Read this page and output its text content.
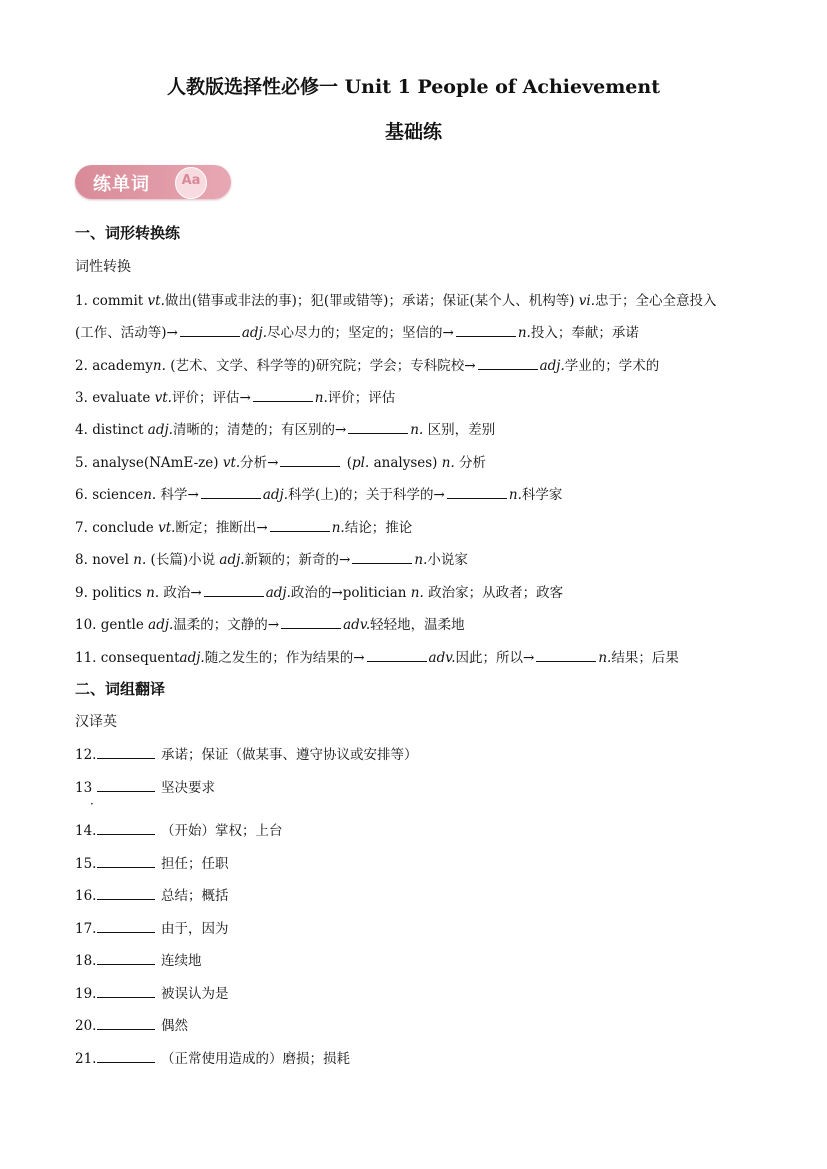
人教版选择性必修一 Unit 1 People of Achievement
基础练
练单词	Aa
一、词形转换练
词性转换
1. commit vt.做出(错事或非法的事)；犯(罪或错等)；承诺；保证(某个人、机构等) vi.忠于；全心全意投入
(工作、活动等)→	adj.尽心尽力的；坚定的；坚信的→	n.投入；奉献；承诺
2. academyn. (艺术、文学、科学等的)研究院；学会；专科院校→	adj.学业的；学术的
3. evaluate vt.评价；评估→	n.评价；评估
4. distinct adj.清晰的；清楚的；有区别的→	n. 区别，差别
5. analyse(NAmE-ze) vt.分析→	(pl. analyses) n. 分析
6. sciencen. 科学→	adj.科学(上)的；关于科学的→	n.科学家
7. conclude vt.断定；推断出→	n.结论；推论
8. novel n. (长篇)小说 adj.新颖的；新奇的→	n.小说家
9. politics n. 政治→	adj.政治的→politician n. 政治家；从政者；政客
10. gentle adj.温柔的；文静的→	adv.轻轻地，温柔地
11. consequentadj.随之发生的；作为结果的→	adv.因此；所以→	n.结果；后果
二、词组翻译
汉译英
12.	承诺；保证（做某事、遵守协议或安排等）
13	坚决要求
·
14.	（开始）掌权；上台
15.	担任；任职
16.	总结；概括
17.	由于，因为
18.	连续地
19.	被误认为是
20.	偶然
21.	（正常使用造成的）磨损；损耗
